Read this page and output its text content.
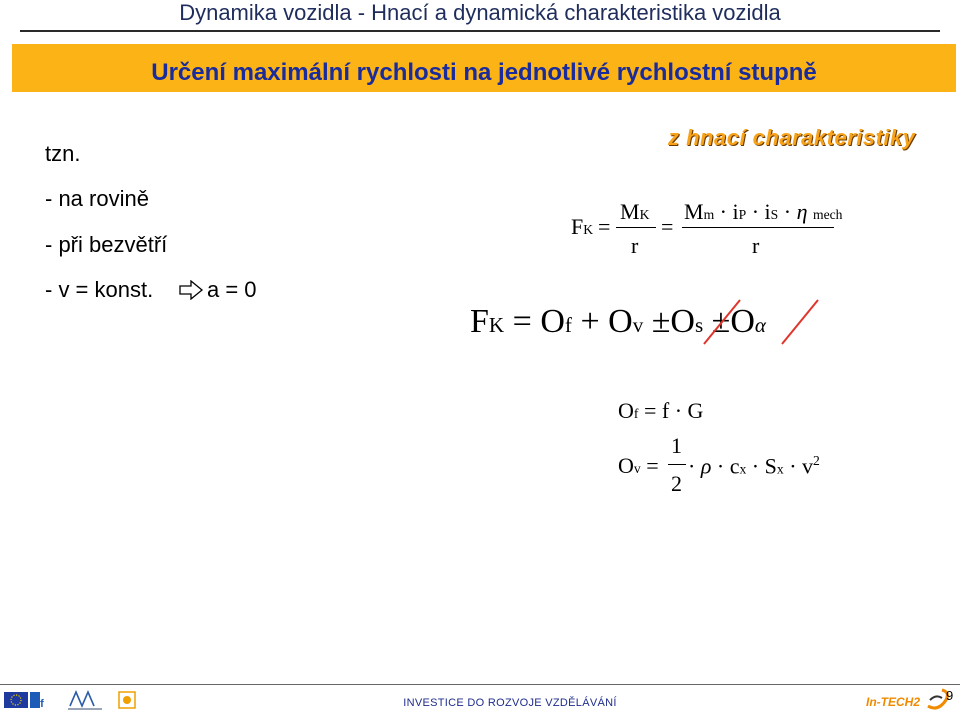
Dynamika vozidla - Hnací a dynamická charakteristika vozidla
Určení maximální rychlosti na jednotlivé rychlostní stupně
tzn.
- na rovině
- při bezvětří
- v = konst. a = 0
z hnací charakteristiky
FK =
MK
r
=
Mm · iP · iS · η mech
r
FK = Of + Ov ±Os ±Oα
Of = f · G
Ov =
1
2
· ρ · cx · $Sx \cdot v^2$
sf	INVESTICE DO ROZVOJE VZDĚLÁVÁNÍ	In-TECH2 9
